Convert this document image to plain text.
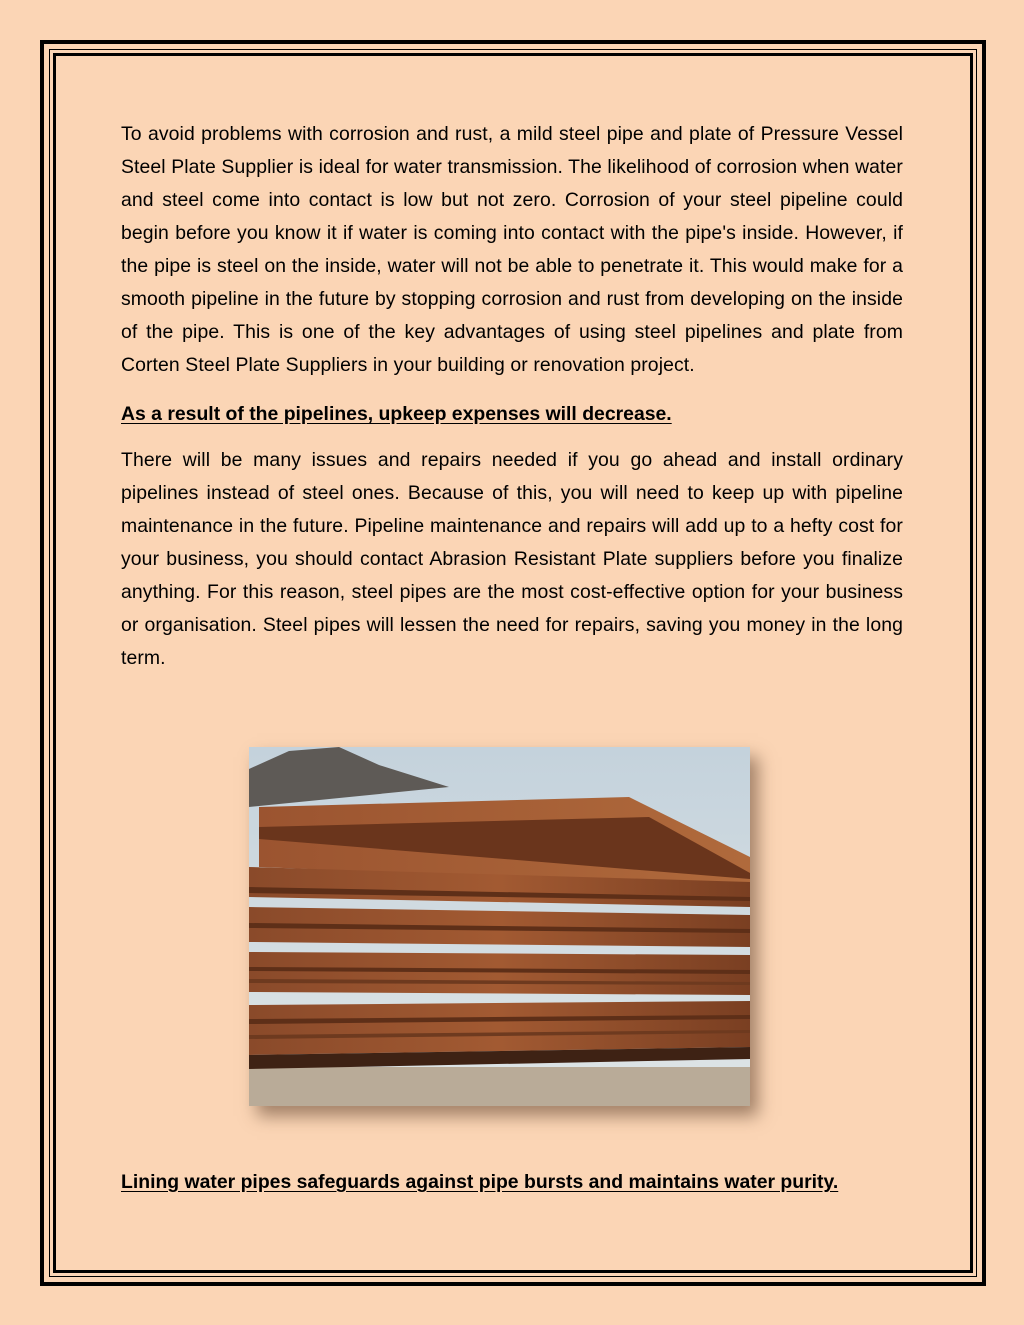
To avoid problems with corrosion and rust, a mild steel pipe and plate of Pressure Vessel Steel Plate Supplier is ideal for water transmission. The likelihood of corrosion when water and steel come into contact is low but not zero. Corrosion of your steel pipeline could begin before you know it if water is coming into contact with the pipe's inside. However, if the pipe is steel on the inside, water will not be able to penetrate it. This would make for a smooth pipeline in the future by stopping corrosion and rust from developing on the inside of the pipe. This is one of the key advantages of using steel pipelines and plate from Corten Steel Plate Suppliers in your building or renovation project.

As a result of the pipelines, upkeep expenses will decrease.

There will be many issues and repairs needed if you go ahead and install ordinary pipelines instead of steel ones. Because of this, you will need to keep up with pipeline maintenance in the future. Pipeline maintenance and repairs will add up to a hefty cost for your business, you should contact Abrasion Resistant Plate suppliers before you finalize anything. For this reason, steel pipes are the most cost-effective option for your business or organisation. Steel pipes will lessen the need for repairs, saving you money in the long term.

Lining water pipes safeguards against pipe bursts and maintains water purity.
